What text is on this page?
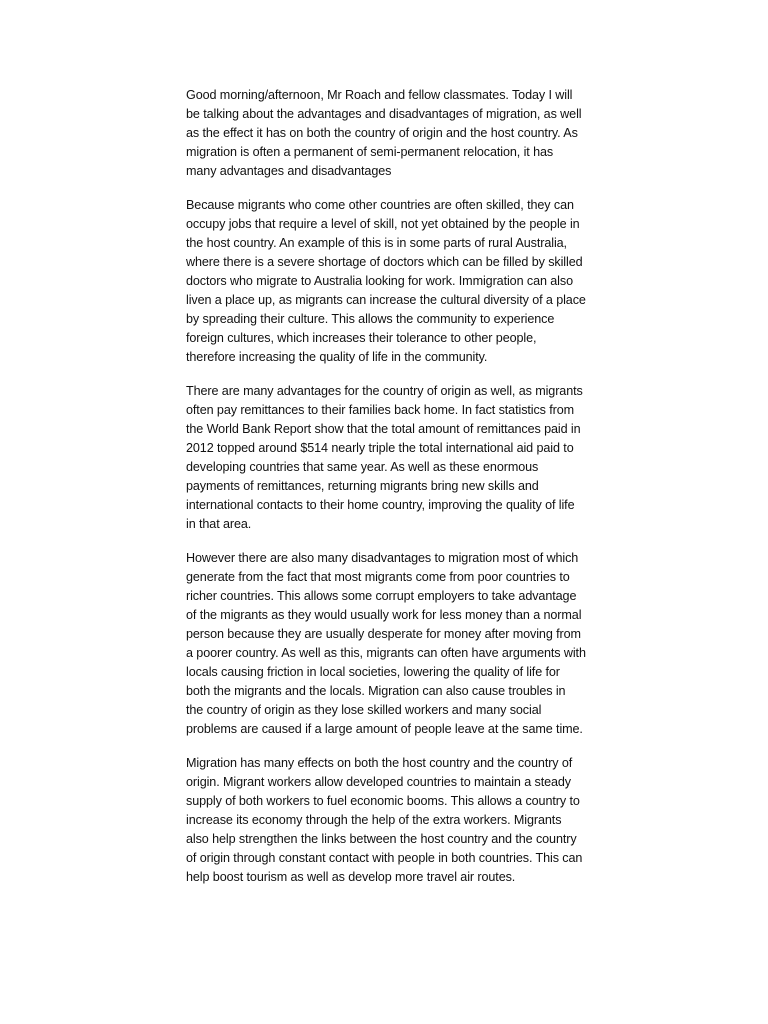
Good morning/afternoon, Mr Roach and fellow classmates. Today I will be talking about the advantages and disadvantages of migration, as well as the effect it has on both the country of origin and the host country. As migration is often a permanent of semi-permanent relocation, it has many advantages and disadvantages

Because migrants who come other countries are often skilled, they can occupy jobs that require a level of skill, not yet obtained by the people in the host country. An example of this is in some parts of rural Australia, where there is a severe shortage of doctors which can be filled by skilled doctors who migrate to Australia looking for work. Immigration can also liven a place up, as migrants can increase the cultural diversity of a place by spreading their culture. This allows the community to experience foreign cultures, which increases their tolerance to other people, therefore increasing the quality of life in the community.

There are many advantages for the country of origin as well, as migrants often pay remittances to their families back home. In fact statistics from the World Bank Report show that the total amount of remittances paid in 2012 topped around $514 nearly triple the total international aid paid to developing countries that same year. As well as these enormous payments of remittances, returning migrants bring new skills and international contacts to their home country, improving the quality of life in that area.

However there are also many disadvantages to migration most of which generate from the fact that most migrants come from poor countries to richer countries. This allows some corrupt employers to take advantage of the migrants as they would usually work for less money than a normal person because they are usually desperate for money after moving from a poorer country. As well as this, migrants can often have arguments with locals causing friction in local societies, lowering the quality of life for both the migrants and the locals. Migration can also cause troubles in the country of origin as they lose skilled workers and many social problems are caused if a large amount of people leave at the same time.

Migration has many effects on both the host country and the country of origin. Migrant workers allow developed countries to maintain a steady supply of both workers to fuel economic booms. This allows a country to increase its economy through the help of the extra workers. Migrants also help strengthen the links between the host country and the country of origin through constant contact with people in both countries. This can help boost tourism as well as develop more travel air routes.
